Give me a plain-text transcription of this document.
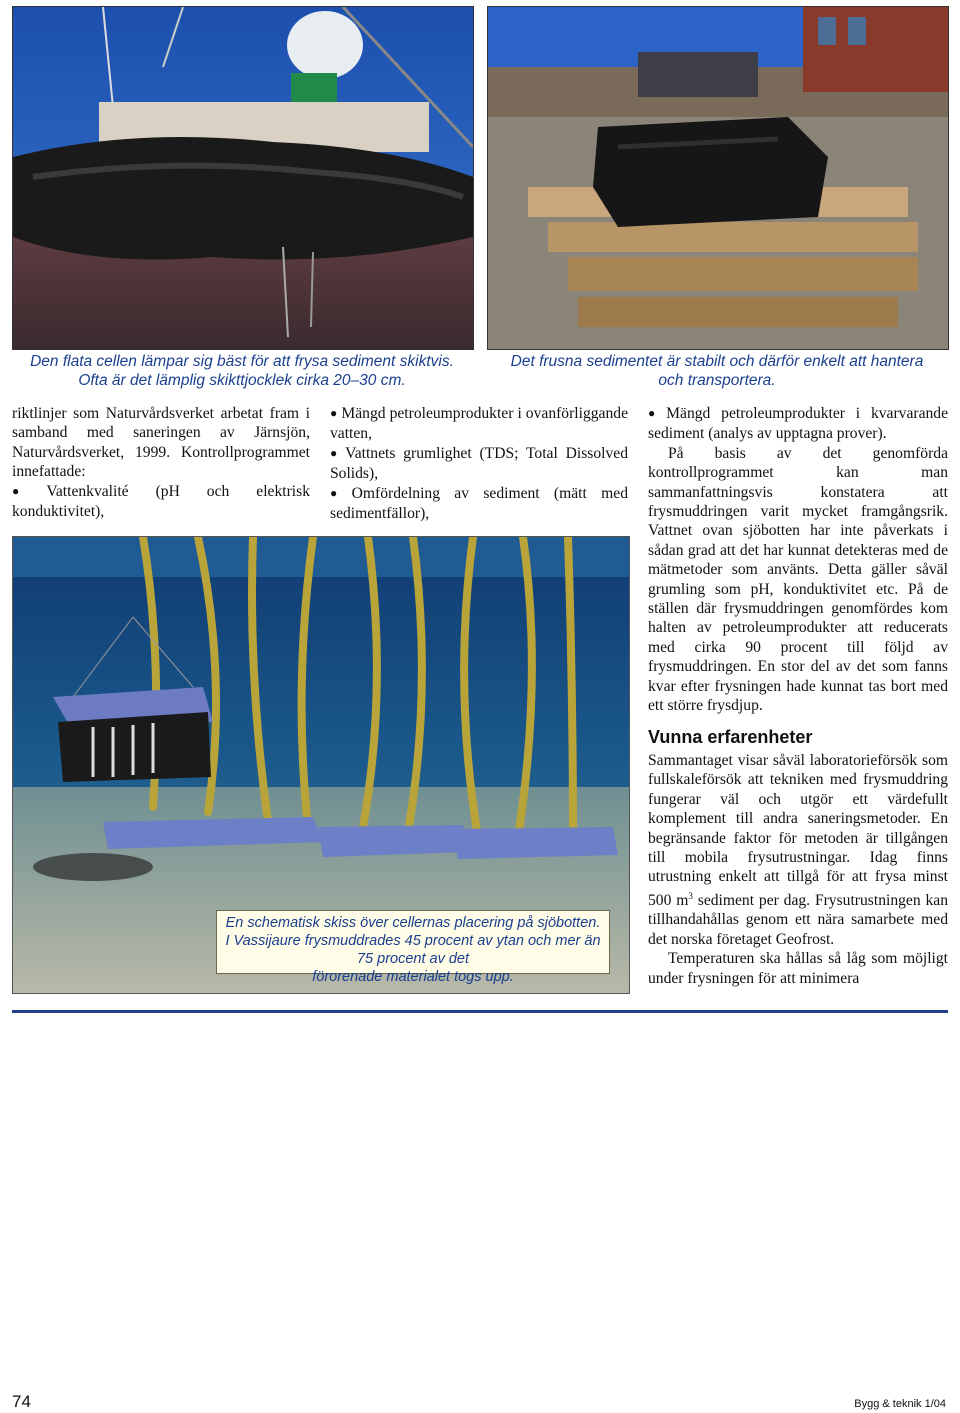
Den flata cellen lämpar sig bäst för att frysa sediment skiktvis.
Ofta är det lämplig skikttjocklek cirka 20–30 cm.
Det frusna sedimentet är stabilt och därför enkelt att hantera
och transportera.

riktlinjer som Naturvårdsverket arbetat fram i samband med saneringen av Järnsjön, Naturvårdsverket, 1999. Kontrollprogrammet innefattade:

● Vattenkvalité (pH och elektrisk konduktivitet),

● Mängd petroleumprodukter i ovanförliggande vatten,

● Vattnets grumlighet (TDS; Total Dissolved Solids),

● Omfördelning av sediment (mätt med sedimentfällor),

En schematisk skiss över cellernas placering på sjöbotten.
I Vassijaure frysmuddrades 45 procent av ytan och mer än 75 procent av det
förorenade materialet togs upp.

● Mängd petroleumprodukter i kvarvarande sediment (analys av upptagna prover).

På basis av det genomförda kontrollprogrammet kan man sammanfattningsvis konstatera att frysmuddringen varit mycket framgångsrik. Vattnet ovan sjöbotten har inte påverkats i sådan grad att det har kunnat detekteras med de mätmetoder som använts. Detta gäller såväl grumling som pH, konduktivitet etc. På de ställen där frysmuddringen genomfördes kom halten av petroleumprodukter att reducerats med cirka 90 procent till följd av frysmuddringen. En stor del av det som fanns kvar efter frysningen hade kunnat tas bort med ett större frysdjup.

Vunna erfarenheter

Sammantaget visar såväl laboratorieförsök som fullskaleförsök att tekniken med frysmuddring fungerar väl och utgör ett värdefullt komplement till andra saneringsmetoder. En begränsande faktor för metoden är tillgången till mobila frysutrustningar. Idag finns utrustning enkelt att tillgå för att frysa minst 500 $m^3$ sediment per dag. Frysutrustningen kan tillhandahållas genom ett nära samarbete med det norska företaget Geofrost.

Temperaturen ska hållas så låg som möjligt under frysningen för att minimera

74	Bygg & teknik 1/04
